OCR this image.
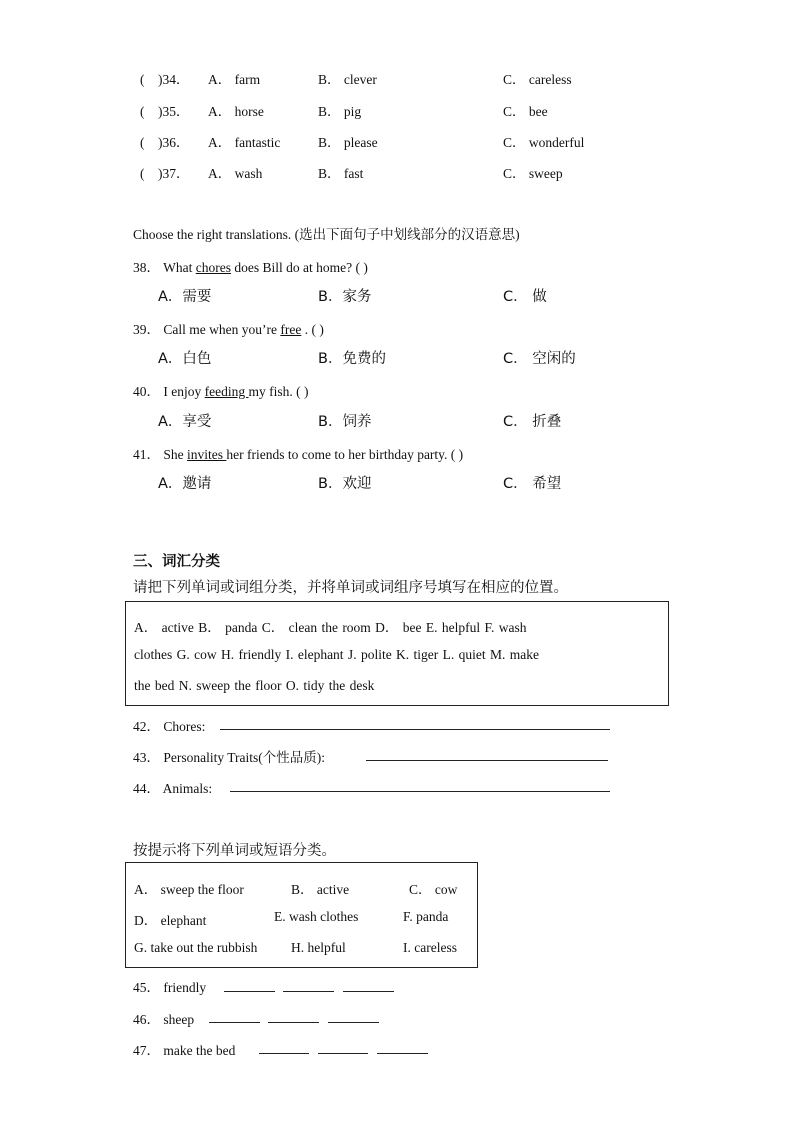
(　)34． A． farm	B． clever	C． careless
(　)35． A． horse	B． pig	C． bee
(　)36． A． fantastic	B． please	C． wonderful
(　)37． A． wash	B． fast	C． sweep
Choose the right translations. (选出下面句子中划线部分的汉语意思)
38． What chores does Bill do at home? ( )
A．需要	B．家务	C． 做
39． Call me when you’re free . ( )
A．白色	B．免费的	C． 空闲的
40． I enjoy feeding my fish. ( )
A．享受	B．饲养	C． 折叠
41． She invites her friends to come to her birthday party. ( )
A．邀请	B．欢迎	C． 希望
三、词汇分类
请把下列单词或词组分类，并将单词或词组序号填写在相应的位置。
A． active B． panda C． clean the room D． bee E. helpful F. wash
clothes G. cow H. friendly I. elephant J. polite K. tiger L. quiet M. make
the bed N. sweep the floor O. tidy the desk
42． Chores:
43． Personality Traits(个性品质):
44． Animals:
按提示将下列单词或短语分类。
A． sweep the floor	B． active	C． cow
D． elephant	E. wash clothes	F. panda
G. take out the rubbish H. helpful	I. careless
45． friendly
46． sheep
47． make the bed
